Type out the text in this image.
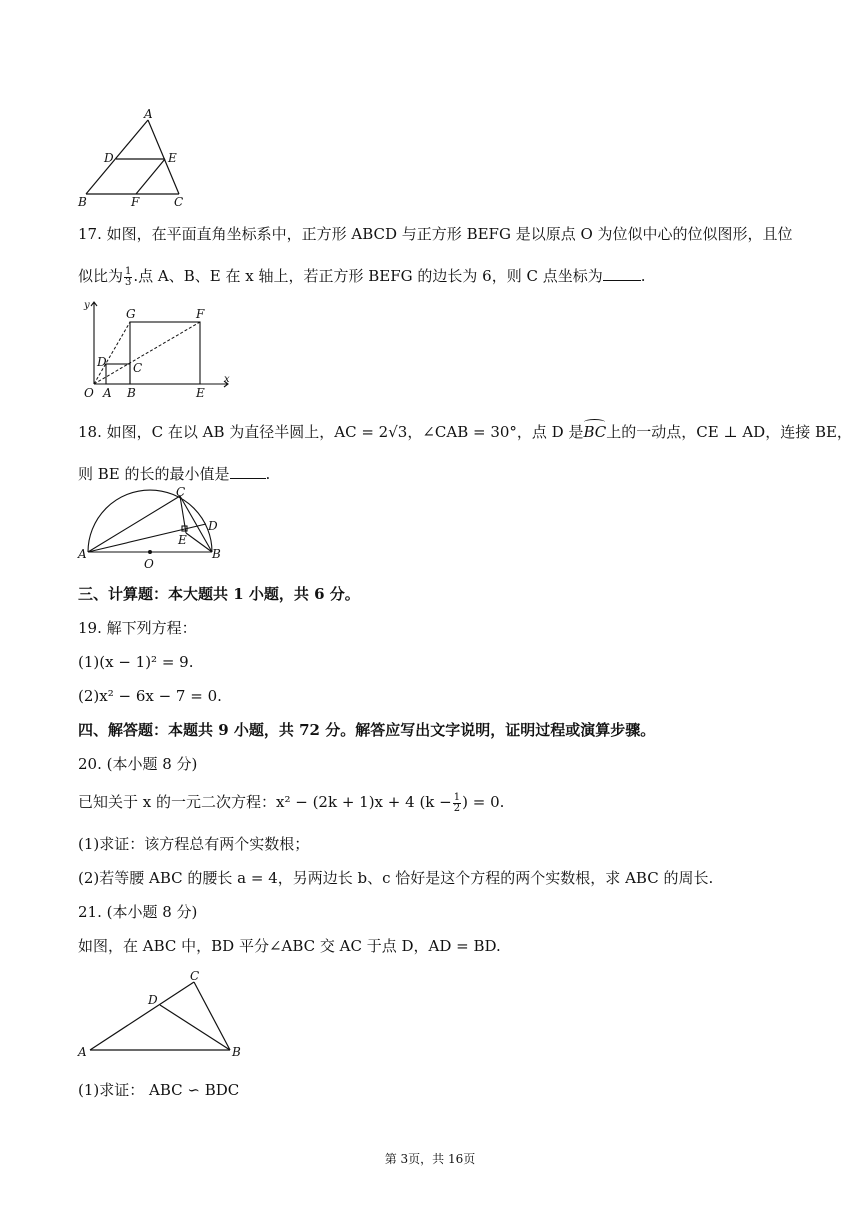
A
D	E
B	F	C
17. 如图，在平面直角坐标系中，正方形 ABCD 与正方形 BEFG 是以原点 O 为位似中心的位似图形，且位
似比为 $\frac{1}{3}$ .点 A、B、E 在 x 轴上，若正方形 BEFG 的边长为 6，则 C 点坐标为	.
y
x
G	F
D C
O A B	E
18. 如图，C 在以 AB 为直径半圆上，AC = 2√3，∠CAB = 30°，点 D 是BC上的一动点，CE ⊥ AD，连接 BE，
则 BE 的长的最小值是 .
C
D
E
A
O
B
三、计算题：本大题共 1 小题，共 6 分。
19. 解下列方程：
(1)(x − 1)² = 9.
(2)x² − 6x − 7 = 0.
四、解答题：本题共 9 小题，共 72 分。解答应写出文字说明，证明过程或演算步骤。
20. (本小题 8 分)
已知关于 x 的一元二次方程：x² − (2k + 1)x + 4 ($k - \frac{1}{2}$ ) = 0.
(1)求证：该方程总有两个实数根；
(2)若等腰 ABC 的腰长 a = 4，另两边长 b、c 恰好是这个方程的两个实数根，求 ABC 的周长.
21. (本小题 8 分)
如图，在 ABC 中，BD 平分∠ABC 交 AC 于点 D，AD = BD.
C
D
A	B
(1)求证： ABC ∽ BDC
第 3页，共 16页
